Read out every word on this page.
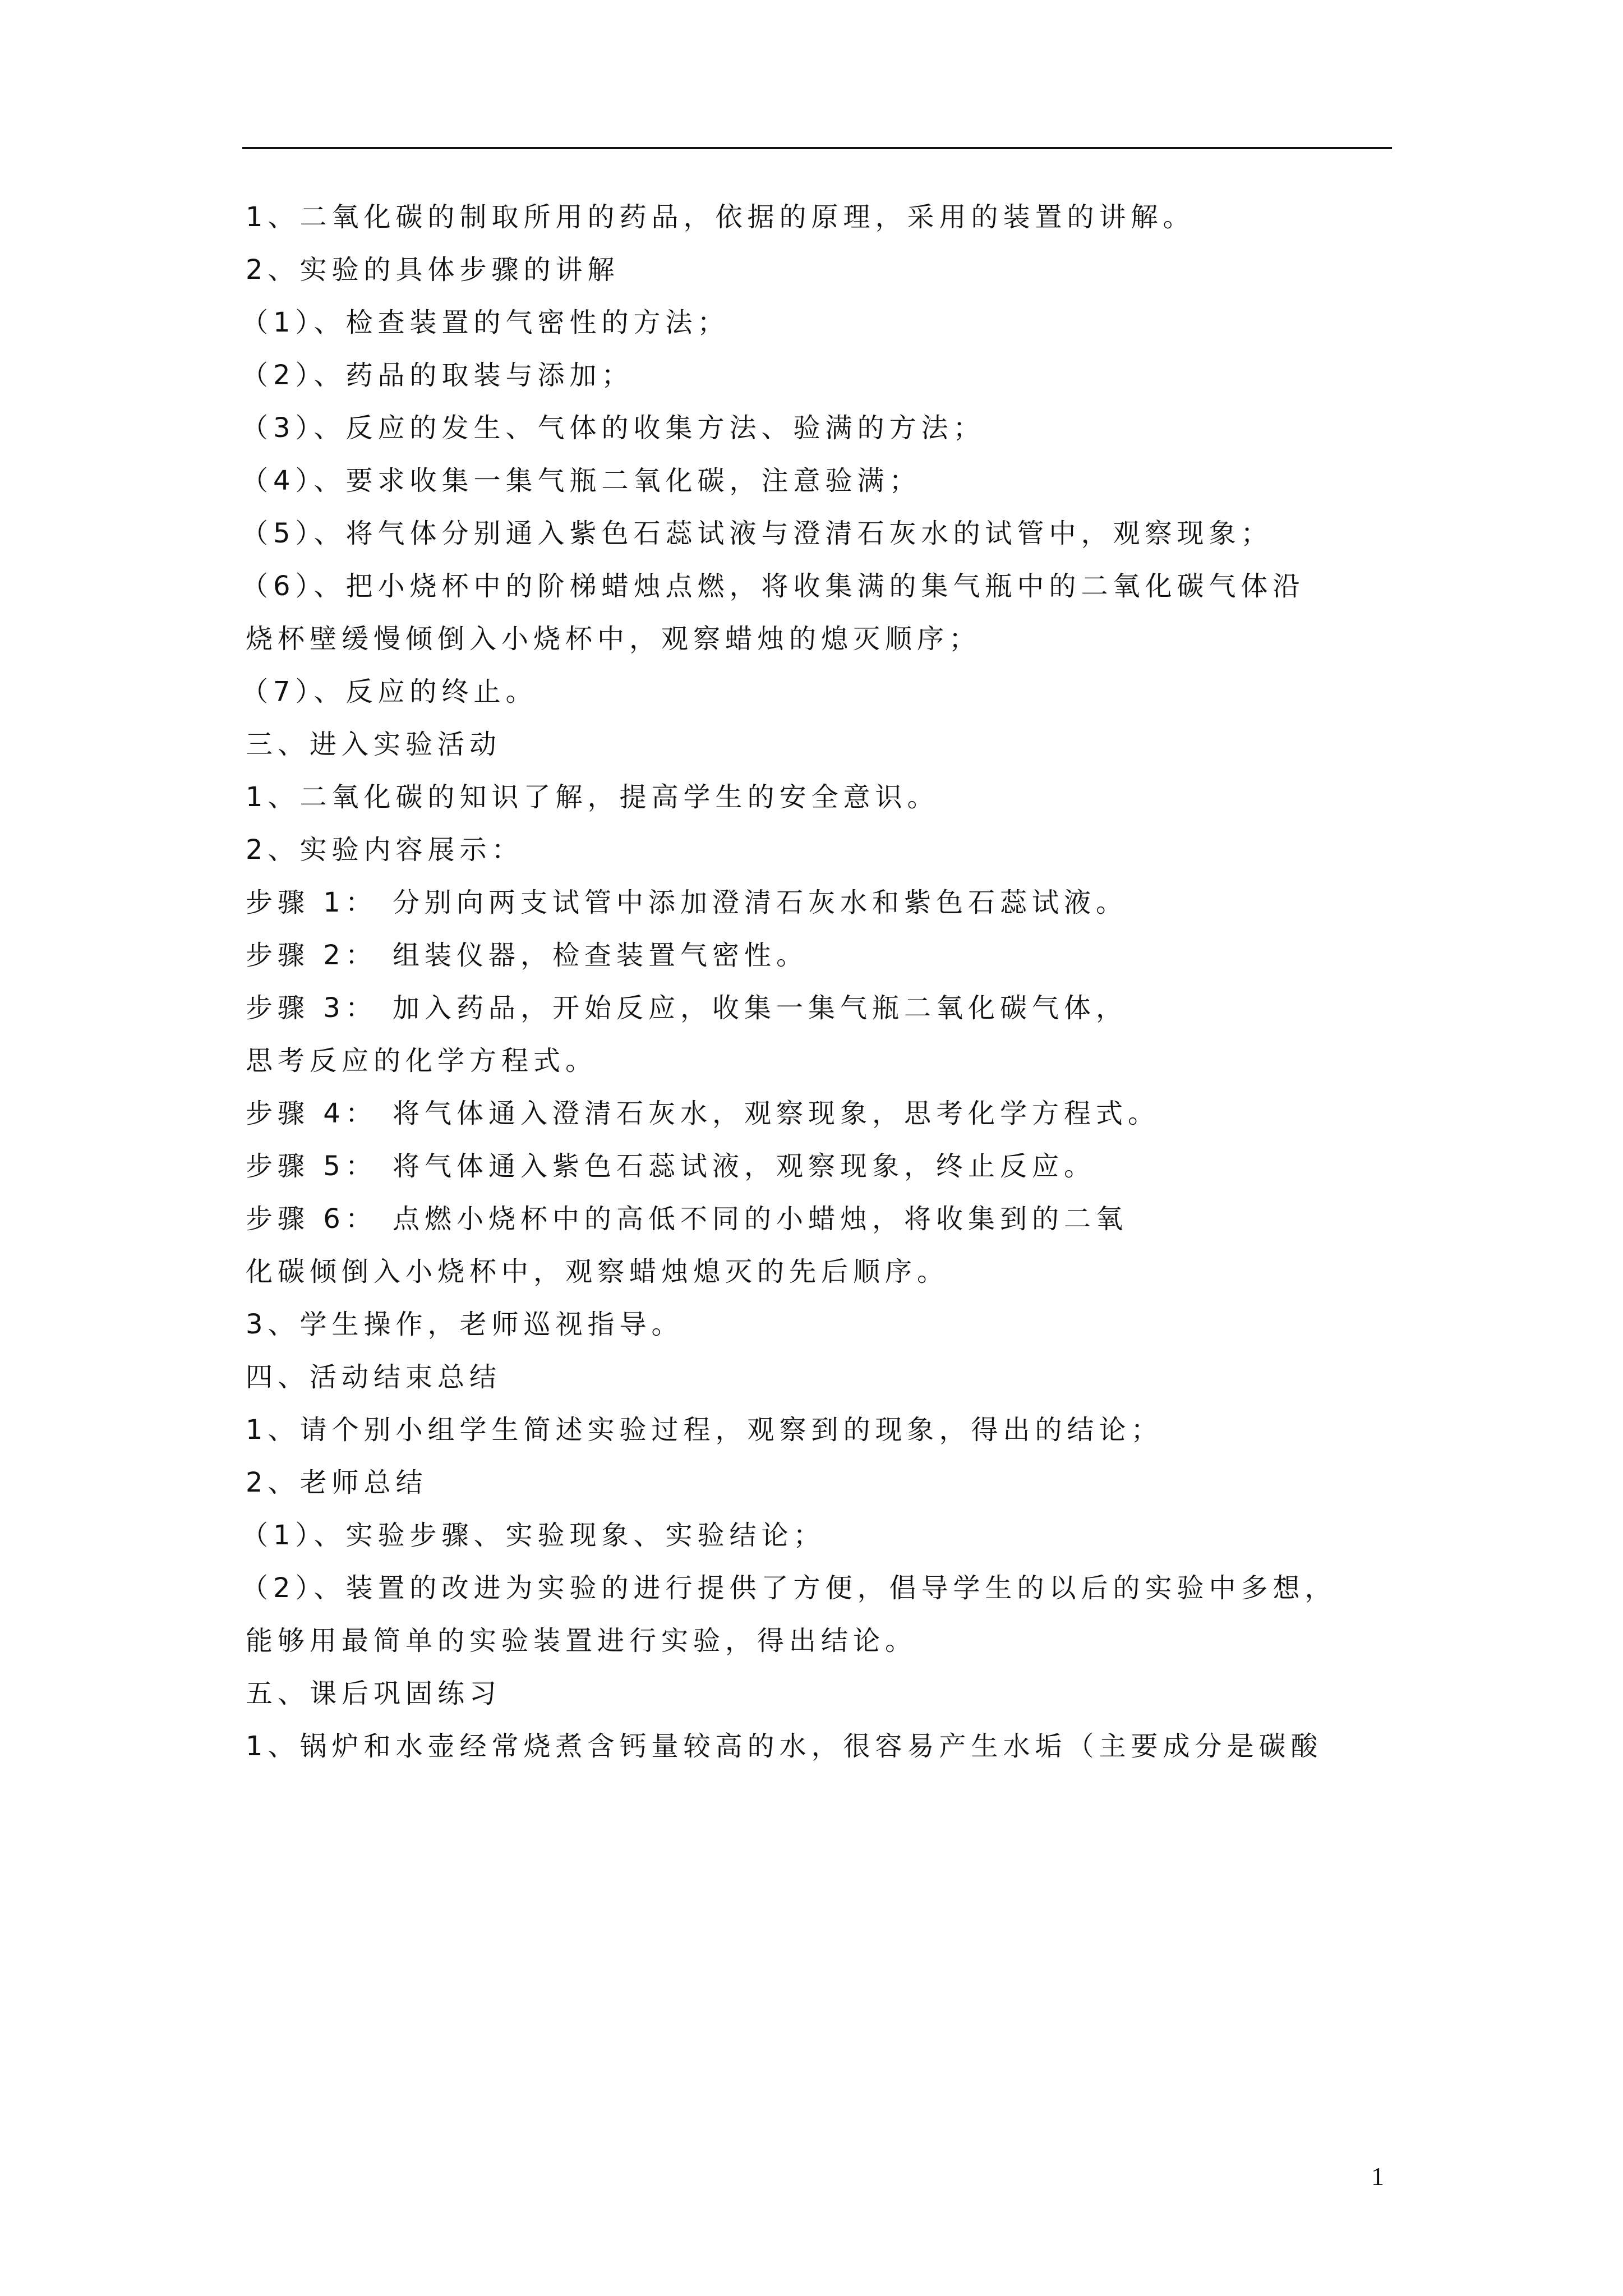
1、二氧化碳的制取所用的药品，依据的原理，采用的装置的讲解。
2、实验的具体步骤的讲解
（1）、检查装置的气密性的方法；
（2）、药品的取装与添加；
（3）、反应的发生、气体的收集方法、验满的方法；
（4）、要求收集一集气瓶二氧化碳，注意验满；
（5）、将气体分别通入紫色石蕊试液与澄清石灰水的试管中，观察现象；
（6）、把小烧杯中的阶梯蜡烛点燃，将收集满的集气瓶中的二氧化碳气体沿
烧杯壁缓慢倾倒入小烧杯中，观察蜡烛的熄灭顺序；
（7）、反应的终止。
三、进入实验活动
1、二氧化碳的知识了解，提高学生的安全意识。
2、实验内容展示：
步骤 1： 分别向两支试管中添加澄清石灰水和紫色石蕊试液。
步骤 2： 组装仪器，检查装置气密性。
步骤 3： 加入药品，开始反应，收集一集气瓶二氧化碳气体，
思考反应的化学方程式。
步骤 4： 将气体通入澄清石灰水，观察现象，思考化学方程式。
步骤 5： 将气体通入紫色石蕊试液，观察现象，终止反应。
步骤 6： 点燃小烧杯中的高低不同的小蜡烛，将收集到的二氧
化碳倾倒入小烧杯中，观察蜡烛熄灭的先后顺序。
3、学生操作，老师巡视指导。
四、活动结束总结
1、请个别小组学生简述实验过程，观察到的现象，得出的结论；
2、老师总结
（1）、实验步骤、实验现象、实验结论；
（2）、装置的改进为实验的进行提供了方便，倡导学生的以后的实验中多想，
能够用最简单的实验装置进行实验，得出结论。
五、课后巩固练习
1、锅炉和水壶经常烧煮含钙量较高的水，很容易产生水垢（主要成分是碳酸
1
